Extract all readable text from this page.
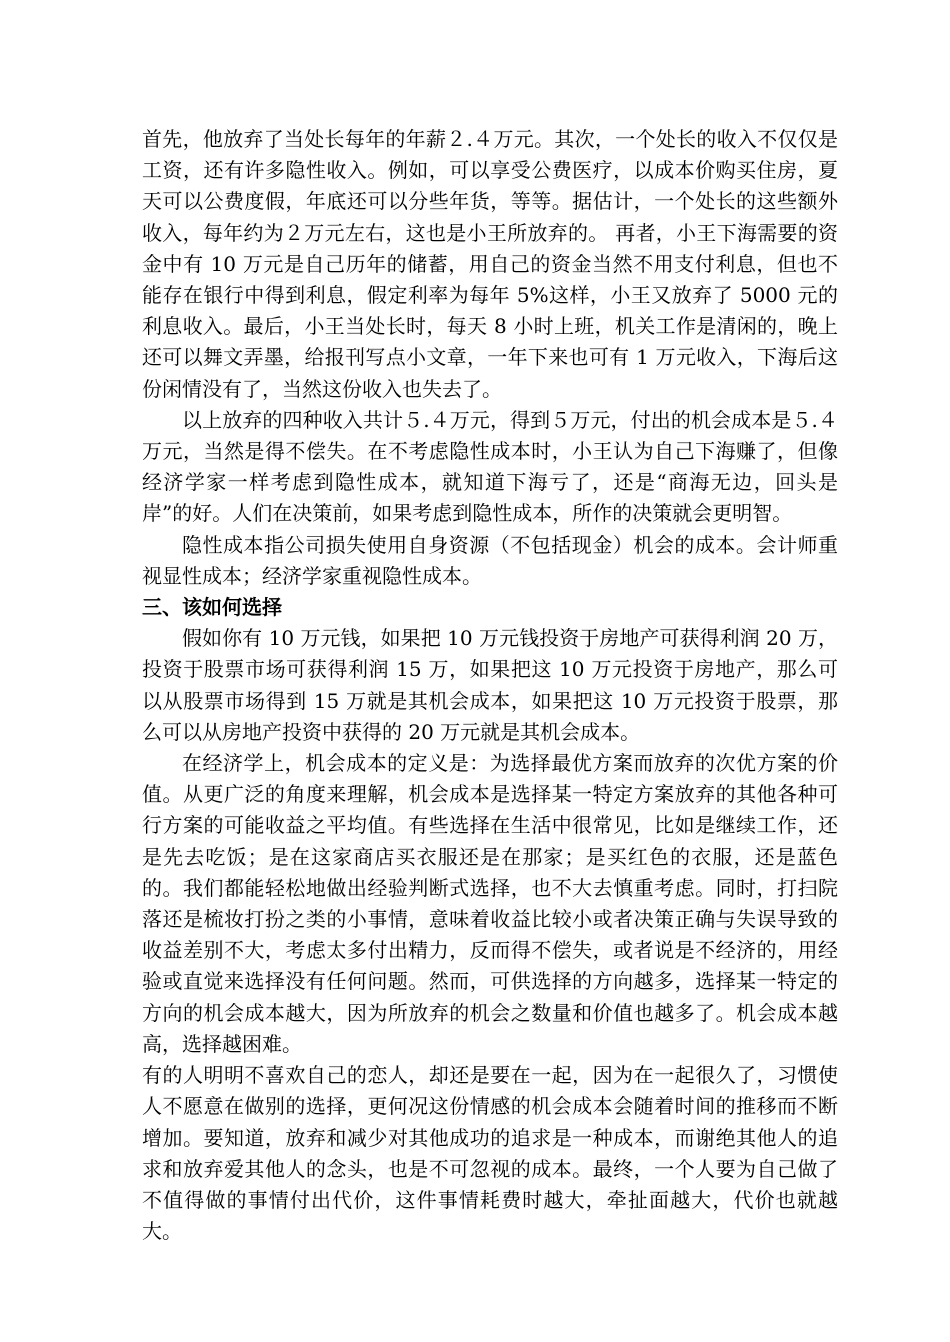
首先，他放弃了当处长每年的年薪２.４万元。其次，一个处长的收入不仅仅是工资，还有许多隐性收入。例如，可以享受公费医疗，以成本价购买住房，夏天可以公费度假，年底还可以分些年货，等等。据估计，一个处长的这些额外收入，每年约为２万元左右，这也是小王所放弃的。 再者，小王下海需要的资金中有 10 万元是自己历年的储蓄，用自己的资金当然不用支付利息，但也不能存在银行中得到利息，假定利率为每年 5%这样，小王又放弃了 5000 元的利息收入。最后，小王当处长时，每天 8 小时上班，机关工作是清闲的，晚上还可以舞文弄墨，给报刊写点小文章，一年下来也可有 1 万元收入，下海后这份闲情没有了，当然这份收入也失去了。

以上放弃的四种收入共计５.４万元，得到５万元，付出的机会成本是５.４万元，当然是得不偿失。在不考虑隐性成本时，小王认为自己下海赚了，但像经济学家一样考虑到隐性成本，就知道下海亏了，还是“商海无边，回头是岸”的好。人们在决策前，如果考虑到隐性成本，所作的决策就会更明智。

隐性成本指公司损失使用自身资源（不包括现金）机会的成本。会计师重视显性成本；经济学家重视隐性成本。

三、该如何选择

假如你有 10 万元钱，如果把 10 万元钱投资于房地产可获得利润 20 万，投资于股票市场可获得利润 15 万，如果把这 10 万元投资于房地产，那么可以从股票市场得到 15 万就是其机会成本，如果把这 10 万元投资于股票，那么可以从房地产投资中获得的 20 万元就是其机会成本。

在经济学上，机会成本的定义是：为选择最优方案而放弃的次优方案的价值。从更广泛的角度来理解，机会成本是选择某一特定方案放弃的其他各种可行方案的可能收益之平均值。有些选择在生活中很常见，比如是继续工作，还是先去吃饭；是在这家商店买衣服还是在那家；是买红色的衣服，还是蓝色的。我们都能轻松地做出经验判断式选择，也不大去慎重考虑。同时，打扫院落还是梳妆打扮之类的小事情，意味着收益比较小或者决策正确与失误导致的收益差别不大，考虑太多付出精力，反而得不偿失，或者说是不经济的，用经验或直觉来选择没有任何问题。然而，可供选择的方向越多，选择某一特定的方向的机会成本越大，因为所放弃的机会之数量和价值也越多了。机会成本越高，选择越困难。

有的人明明不喜欢自己的恋人，却还是要在一起，因为在一起很久了，习惯使人不愿意在做别的选择，更何况这份情感的机会成本会随着时间的推移而不断增加。要知道，放弃和减少对其他成功的追求是一种成本，而谢绝其他人的追求和放弃爱其他人的念头，也是不可忽视的成本。最终，一个人要为自己做了不值得做的事情付出代价，这件事情耗费时越大，牵扯面越大，代价也就越大。
